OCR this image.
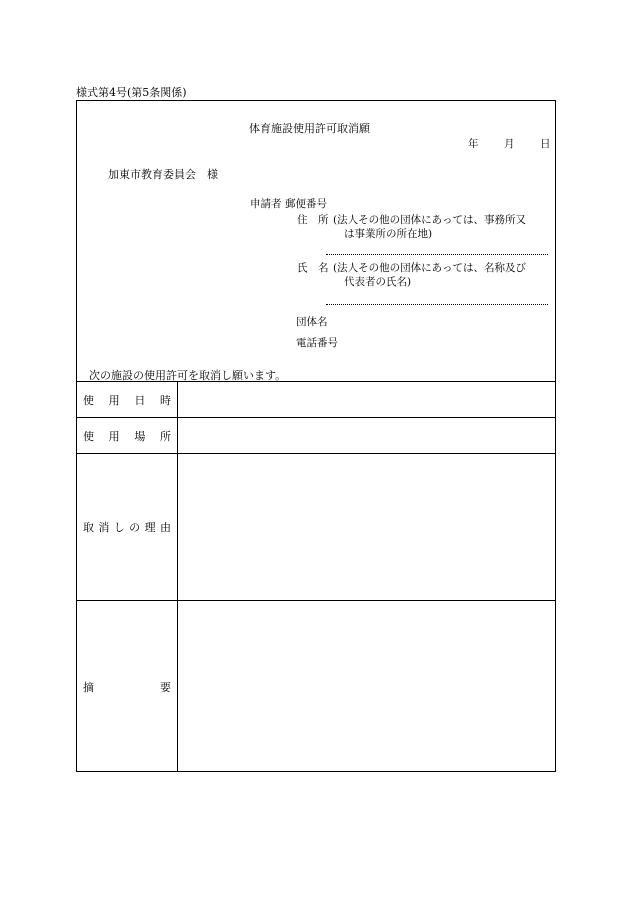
様式第4号(第5条関係)
体育施設使用許可取消願
年 月 日
加東市教育委員会　様
申請者 郵便番号
住　所 (法人その他の団体にあっては、事務所又
は事業所の所在地)
氏　名 (法人その他の団体にあっては、名称及び
代表者の氏名)
団体名
電話番号
次の施設の使用許可を取消し願います。
使 用 日 時
使 用 場 所
取 消 し の 理 由
摘	要
